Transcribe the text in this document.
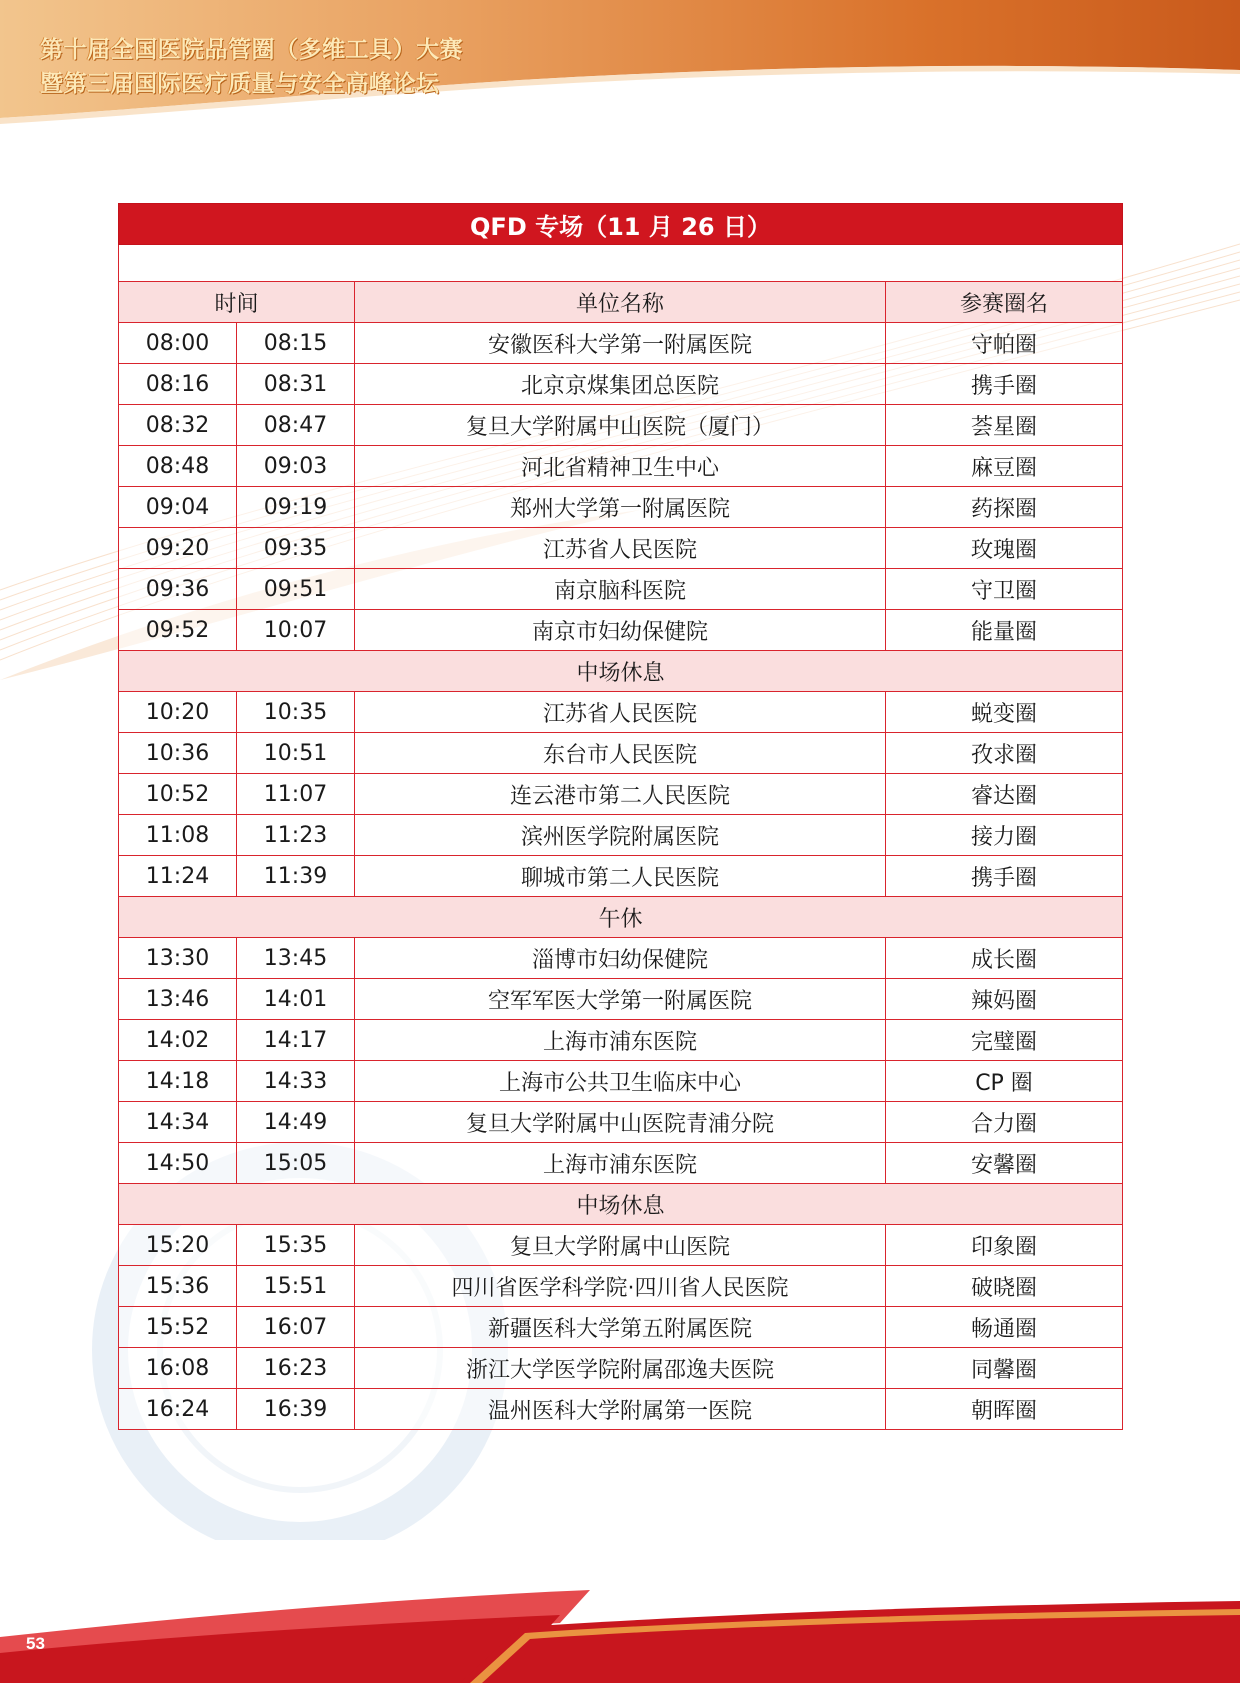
第十届全国医院品管圈（多维工具）大赛
暨第三届国际医疗质量与安全高峰论坛
QFD 专场（11 月 26 日）			

时间		单位名称	参赛圈名
08:00	08:15	安徽医科大学第一附属医院	守帕圈
08:16	08:31	北京京煤集团总医院	携手圈
08:32	08:47	复旦大学附属中山医院（厦门）	荟星圈
08:48	09:03	河北省精神卫生中心	麻豆圈
09:04	09:19	郑州大学第一附属医院	药探圈
09:20	09:35	江苏省人民医院	玫瑰圈
09:36	09:51	南京脑科医院	守卫圈
09:52	10:07	南京市妇幼保健院	能量圈
中场休息			
10:20	10:35	江苏省人民医院	蜕变圈
10:36	10:51	东台市人民医院	孜求圈
10:52	11:07	连云港市第二人民医院	睿达圈
11:08	11:23	滨州医学院附属医院	接力圈
11:24	11:39	聊城市第二人民医院	携手圈
午休			
13:30	13:45	淄博市妇幼保健院	成长圈
13:46	14:01	空军军医大学第一附属医院	辣妈圈
14:02	14:17	上海市浦东医院	完璧圈
14:18	14:33	上海市公共卫生临床中心	CP 圈
14:34	14:49	复旦大学附属中山医院青浦分院	合力圈
14:50	15:05	上海市浦东医院	安馨圈
中场休息			
15:20	15:35	复旦大学附属中山医院	印象圈
15:36	15:51	四川省医学科学院·四川省人民医院	破晓圈
15:52	16:07	新疆医科大学第五附属医院	畅通圈
16:08	16:23	浙江大学医学院附属邵逸夫医院	同馨圈
16:24	16:39	温州医科大学附属第一医院	朝晖圈
53
